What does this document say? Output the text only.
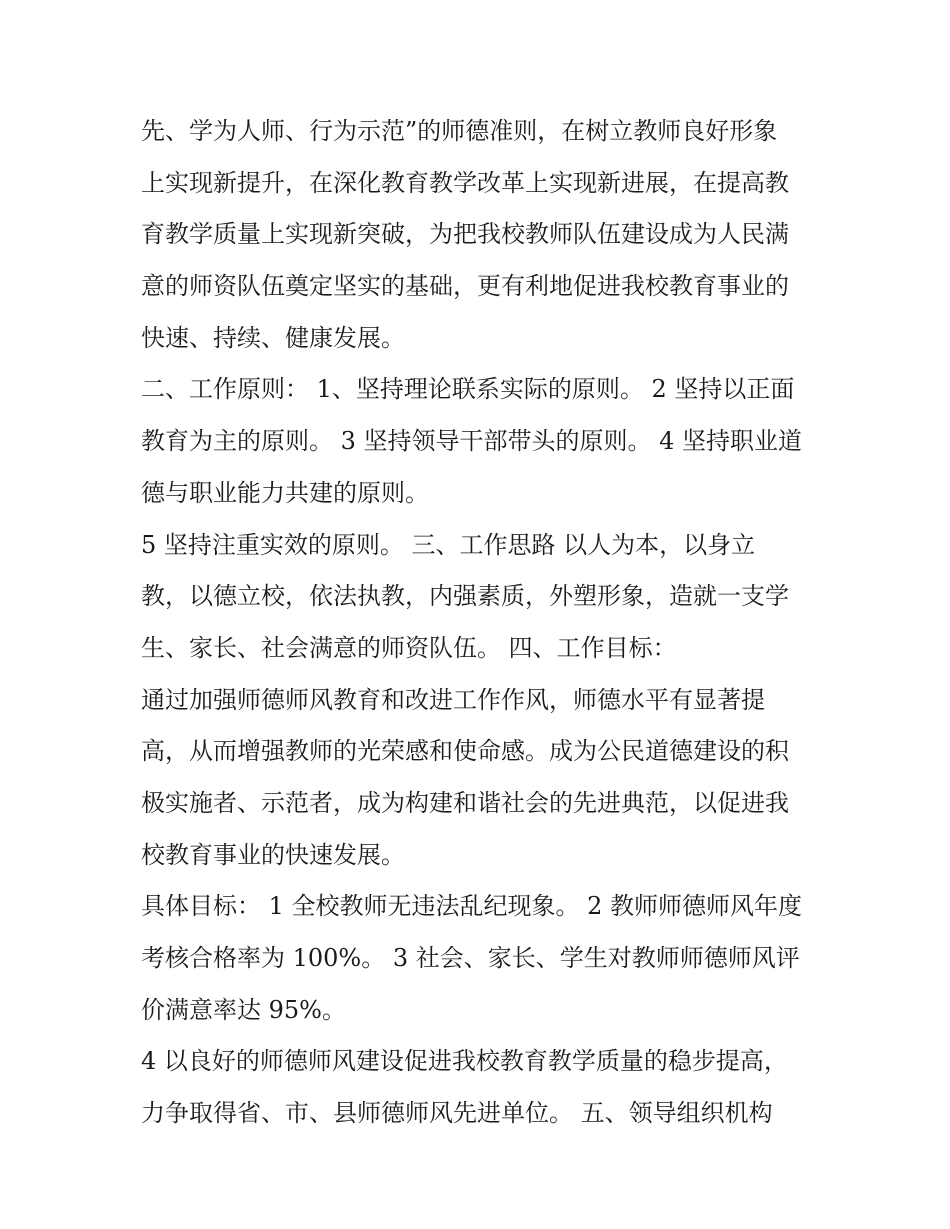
先、学为人师、行为示范”的师德准则，在树立教师良好形象
上实现新提升，在深化教育教学改革上实现新进展，在提高教
育教学质量上实现新突破，为把我校教师队伍建设成为人民满
意的师资队伍奠定坚实的基础，更有利地促进我校教育事业的
快速、持续、健康发展。
二、工作原则： 1、坚持理论联系实际的原则。 2 坚持以正面
教育为主的原则。 3 坚持领导干部带头的原则。 4 坚持职业道
德与职业能力共建的原则。
5 坚持注重实效的原则。 三、工作思路 以人为本，以身立
教，以德立校，依法执教，内强素质，外塑形象，造就一支学
生、家长、社会满意的师资队伍。 四、工作目标：
通过加强师德师风教育和改进工作作风，师德水平有显著提
高，从而增强教师的光荣感和使命感。成为公民道德建设的积
极实施者、示范者，成为构建和谐社会的先进典范，以促进我
校教育事业的快速发展。
具体目标： 1 全校教师无违法乱纪现象。 2 教师师德师风年度
考核合格率为 100%。 3 社会、家长、学生对教师师德师风评
价满意率达 95%。
4 以良好的师德师风建设促进我校教育教学质量的稳步提高，
力争取得省、市、县师德师风先进单位。 五、领导组织机构
